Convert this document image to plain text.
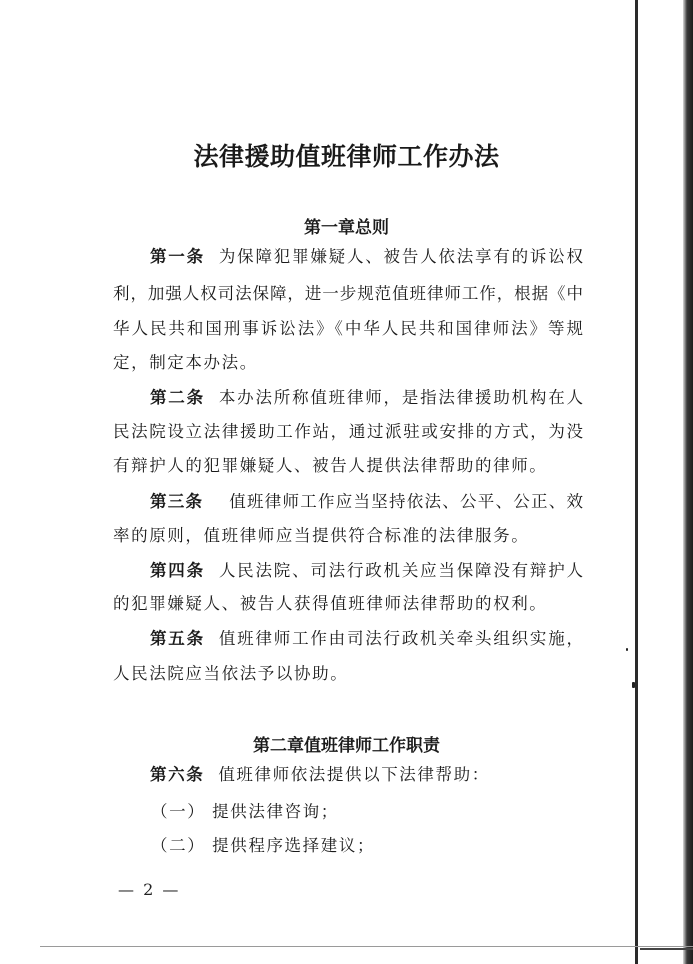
法律援助值班律师工作办法
第一章总则
第一条 为保障犯罪嫌疑人、被告人依法享有的诉讼权
利，加强人权司法保障，进一步规范值班律师工作，根据《中
华人民共和国刑事诉讼法》《中华人民共和国律师法》等规
定，制定本办法。
第二条 本办法所称值班律师，是指法律援助机构在人
民法院设立法律援助工作站，通过派驻或安排的方式，为没
有辩护人的犯罪嫌疑人、被告人提供法律帮助的律师。
第三条 值班律师工作应当坚持依法、公平、公正、效
率的原则，值班律师应当提供符合标准的法律服务。
第四条 人民法院、司法行政机关应当保障没有辩护人
的犯罪嫌疑人、被告人获得值班律师法律帮助的权利。
第五条 值班律师工作由司法行政机关牵头组织实施，
人民法院应当依法予以协助。
第二章值班律师工作职责
第六条 值班律师依法提供以下法律帮助：
（一） 提供法律咨询；
（二） 提供程序选择建议；
— 2 —
